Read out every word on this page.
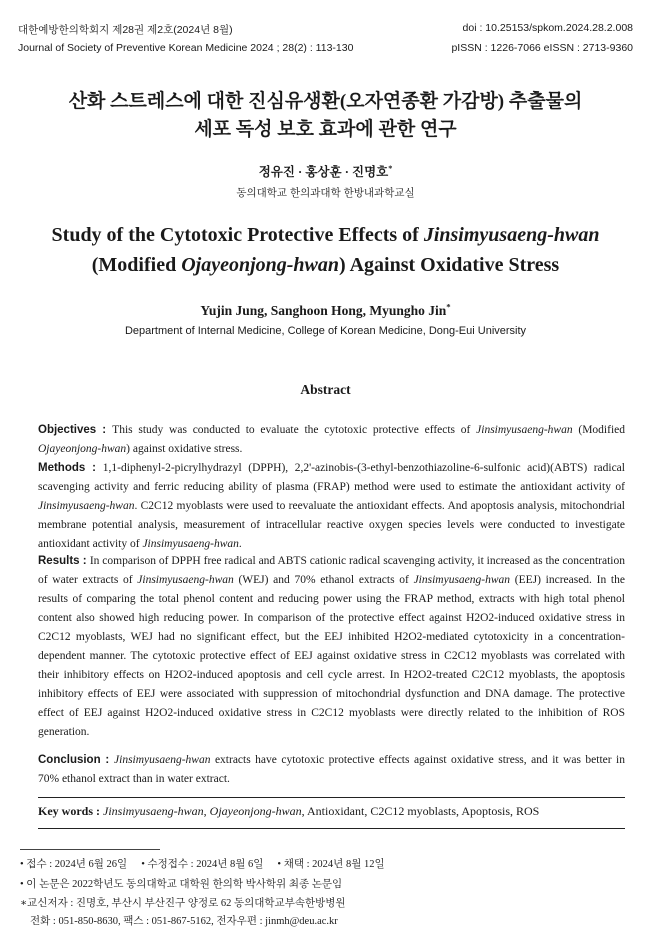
대한예방한의학회지 제28권 제2호(2024년 8월)
Journal of Society of Preventive Korean Medicine 2024 ; 28(2) : 113-130
doi : 10.25153/spkom.2024.28.2.008
pISSN : 1226-7066 eISSN : 2713-9360
산화 스트레스에 대한 진심유생환(오자연종환 가감방) 추출물의
세포 독성 보호 효과에 관한 연구
정유진 · 홍상훈 · 진명호*
동의대학교 한의과대학 한방내과학교실
Study of the Cytotoxic Protective Effects of Jinsimyusaeng-hwan
(Modified Ojayeonjong-hwan) Against Oxidative Stress
Yujin Jung, Sanghoon Hong, Myungho Jin*
Department of Internal Medicine, College of Korean Medicine, Dong-Eui University
Abstract
Objectives : This study was conducted to evaluate the cytotoxic protective effects of Jinsimyusaeng-hwan (Modified Ojayeonjong-hwan) against oxidative stress.
Methods : 1,1-diphenyl-2-picrylhydrazyl (DPPH), 2,2'-azinobis-(3-ethyl-benzothiazoline-6-sulfonic acid)(ABTS) radical scavenging activity and ferric reducing ability of plasma (FRAP) method were used to estimate the antioxidant activity of Jinsimyusaeng-hwan. C2C12 myoblasts were used to reevaluate the antioxidant effects. And apoptosis analysis, mitochondrial membrane potential analysis, measurement of intracellular reactive oxygen species levels were conducted to investigate antioxidant activity of Jinsimyusaeng-hwan.
Results : In comparison of DPPH free radical and ABTS cationic radical scavenging activity, it increased as the concentration of water extracts of Jinsimyusaeng-hwan (WEJ) and 70% ethanol extracts of Jinsimyusaeng-hwan (EEJ) increased. In the results of comparing the total phenol content and reducing power using the FRAP method, extracts with high total phenol content also showed high reducing power. In comparison of the protective effect against H2O2-induced oxidative stress in C2C12 myoblasts, WEJ had no significant effect, but the EEJ inhibited H2O2-mediated cytotoxicity in a concentration-dependent manner. The cytotoxic protective effect of EEJ against oxidative stress in C2C12 myoblasts was correlated with their inhibitory effects on H2O2-induced apoptosis and cell cycle arrest. In H2O2-treated C2C12 myoblasts, the apoptosis inhibitory effects of EEJ were associated with suppression of mitochondrial dysfunction and DNA damage. The protective effect of EEJ against H2O2-induced oxidative stress in C2C12 myoblasts were directly related to the inhibition of ROS generation.
Conclusion : Jinsimyusaeng-hwan extracts have cytotoxic protective effects against oxidative stress, and it was better in 70% ethanol extract than in water extract.
Key words : Jinsimyusaeng-hwan, Ojayeonjong-hwan, Antioxidant, C2C12 myoblasts, Apoptosis, ROS
• 접수 : 2024년 6월 26일 • 수정접수 : 2024년 8월 6일 • 채택 : 2024년 8월 12일
• 이 논문은 2022학년도 동의대학교 대학원 한의학 박사학위 최종 논문임
∗교신저자 : 진명호, 부산시 부산진구 양정로 62 동의대학교부속한방병원
전화 : 051-850-8630, 팩스 : 051-867-5162, 전자우편 : jinmh@deu.ac.kr
